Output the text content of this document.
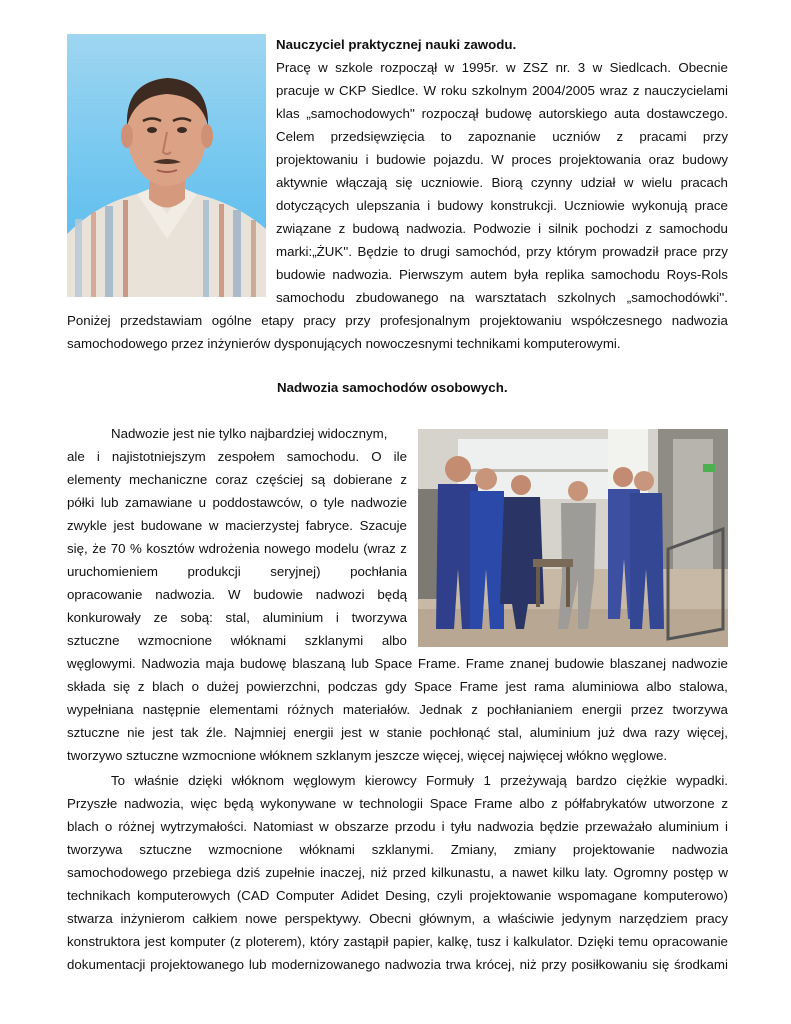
Nauczyciel praktycznej nauki zawodu.
Pracę w szkole rozpoczął w 1995r. w ZSZ nr. 3 w Siedlcach. Obecnie
pracuje w CKP Siedlce. W roku szkolnym 2004/2005 wraz z nauczycielami
klas „samochodowych'' rozpoczął budowę autorskiego auta dostawczego.
Celem przedsięwzięcia to zapoznanie uczniów z pracami przy
projektowaniu i budowie pojazdu. W proces projektowania oraz budowy
aktywnie włączają się uczniowie. Biorą czynny udział w wielu pracach
dotyczących ulepszania i budowy konstrukcji. Uczniowie wykonują prace
związane z budową nadwozia. Podwozie i silnik pochodzi z samochodu
marki:„ŻUK''. Będzie to drugi samochód, przy którym prowadził prace przy
budowie nadwozia. Pierwszym autem była replika samochodu Roys-Rols
samochodu zbudowanego na warsztatach szkolnych „samochodówki''.
Poniżej przedstawiam ogólne etapy pracy przy profesjonalnym projektowaniu współczesnego nadwozia
samochodowego przez inżynierów dysponujących nowoczesnymi technikami komputerowymi.
Nadwozia samochodów osobowych.
Nadwozie jest nie tylko najbardziej widocznym,
ale i najistotniejszym zespołem samochodu. O ile
elementy mechaniczne coraz częściej są dobierane z
półki lub zamawiane u poddostawców, o tyle nadwozie
zwykle jest budowane w macierzystej fabryce. Szacuje
się, że 70 % kosztów wdrożenia nowego modelu (wraz z
uruchomieniem produkcji seryjnej) pochłania
opracowanie nadwozia. W budowie nadwozi będą
konkurowały ze sobą: stal, aluminium i tworzywa
sztuczne wzmocnione włóknami szklanymi albo
węglowymi. Nadwozia maja budowę blaszaną lub Space Frame. Frame znanej budowie blaszanej nadwozie
składa się z blach o dużej powierzchni, podczas gdy Space Frame jest rama aluminiowa albo stalowa,
wypełniana następnie elementami różnych materiałów. Jednak z pochłanianiem energii przez tworzywa
sztuczne nie jest tak źle. Najmniej energii jest w stanie pochłonąć stal, aluminium już dwa razy więcej,
tworzywo sztuczne wzmocnione włóknem szklanym jeszcze więcej, więcej najwięcej włókno węglowe.
To właśnie dzięki włóknom węglowym kierowcy Formuły 1 przeżywają bardzo ciężkie wypadki.
Przyszłe nadwozia, więc będą wykonywane w technologii Space Frame albo z półfabrykatów utworzone z
blach o różnej wytrzymałości. Natomiast w obszarze przodu i tyłu nadwozia będzie przeważało aluminium i
tworzywa sztuczne wzmocnione włóknami szklanymi. Zmiany, zmiany projektowanie nadwozia
samochodowego przebiega dziś zupełnie inaczej, niż przed kilkunastu, a nawet kilku laty. Ogromny postęp w
technikach komputerowych (CAD Computer Adidet Desing, czyli projektowanie wspomagane komputerowo)
stwarza inżynierom całkiem nowe perspektywy. Obecni głównym, a właściwie jedynym narzędziem pracy
konstruktora jest komputer (z ploterem), który zastąpił papier, kalkę, tusz i kalkulator. Dzięki temu opracowanie
dokumentacji projektowanego lub modernizowanego nadwozia trwa krócej, niż przy posiłkowaniu się środkami
